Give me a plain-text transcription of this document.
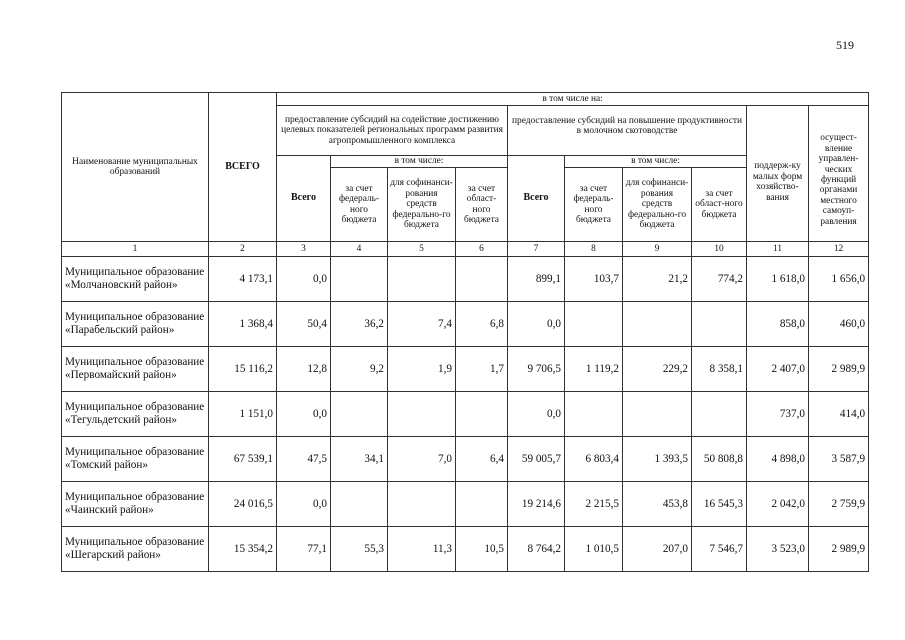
519
Наименование муниципальных образований	ВСЕГО	в том числе на:									
		предоставление субсидий на содействие достижению целевых показателей региональных программ развития агропромышленного комплекса				предоставление субсидий на повышение продуктивности в молочном скотоводстве				поддерж-ку малых форм хозяйство-вания	осущест-вление управлен-ческих функций органами местного самоуп-равления
		Всего	в том числе:			Всего	в том числе:				
			за счет федераль-ного бюджета	для софинанси-рования средств федерально-го бюджета	за счет област-ного бюджета		за счет федераль-ного бюджета	для софинанси-рования средств федерально-го бюджета	за счет област-ного бюджета		
1	2	3	4	5	6	7	8	9	10	11	12
Муниципальное образование «Молчановский район»	4 173,1	0,0				899,1	103,7	21,2	774,2	1 618,0	1 656,0
Муниципальное образование «Парабельский район»	1 368,4	50,4	36,2	7,4	6,8	0,0				858,0	460,0
Муниципальное образование «Первомайский район»	15 116,2	12,8	9,2	1,9	1,7	9 706,5	1 119,2	229,2	8 358,1	2 407,0	2 989,9
Муниципальное образование «Тегульдетский район»	1 151,0	0,0				0,0				737,0	414,0
Муниципальное образование «Томский район»	67 539,1	47,5	34,1	7,0	6,4	59 005,7	6 803,4	1 393,5	50 808,8	4 898,0	3 587,9
Муниципальное образование «Чаинский район»	24 016,5	0,0				19 214,6	2 215,5	453,8	16 545,3	2 042,0	2 759,9
Муниципальное образование «Шегарский район»	15 354,2	77,1	55,3	11,3	10,5	8 764,2	1 010,5	207,0	7 546,7	3 523,0	2 989,9
